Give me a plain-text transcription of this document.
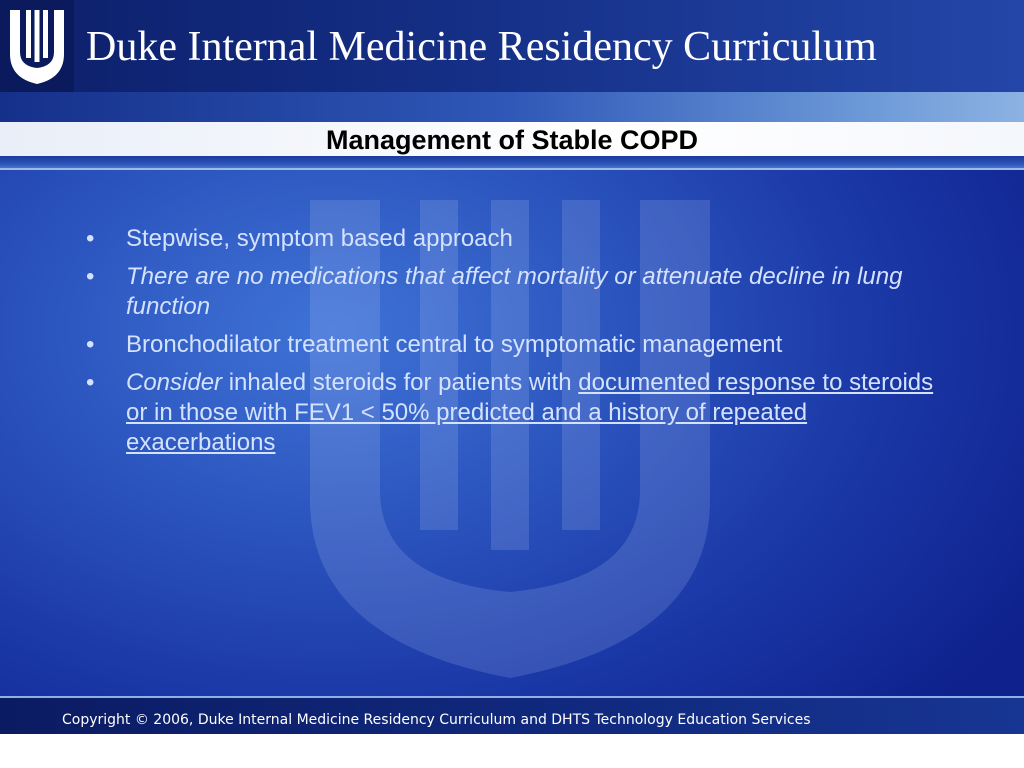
Duke Internal Medicine Residency Curriculum
Management of Stable COPD
•	Stepwise, symptom based approach
•	There are no medications that affect mortality or attenuate decline in lung function
•	Bronchodilator treatment central to symptomatic management
•	Consider inhaled steroids for patients with documented response to steroids or in those with FEV1 < 50% predicted and a history of repeated exacerbations
Copyright © 2006, Duke Internal Medicine Residency Curriculum and DHTS Technology Education Services
